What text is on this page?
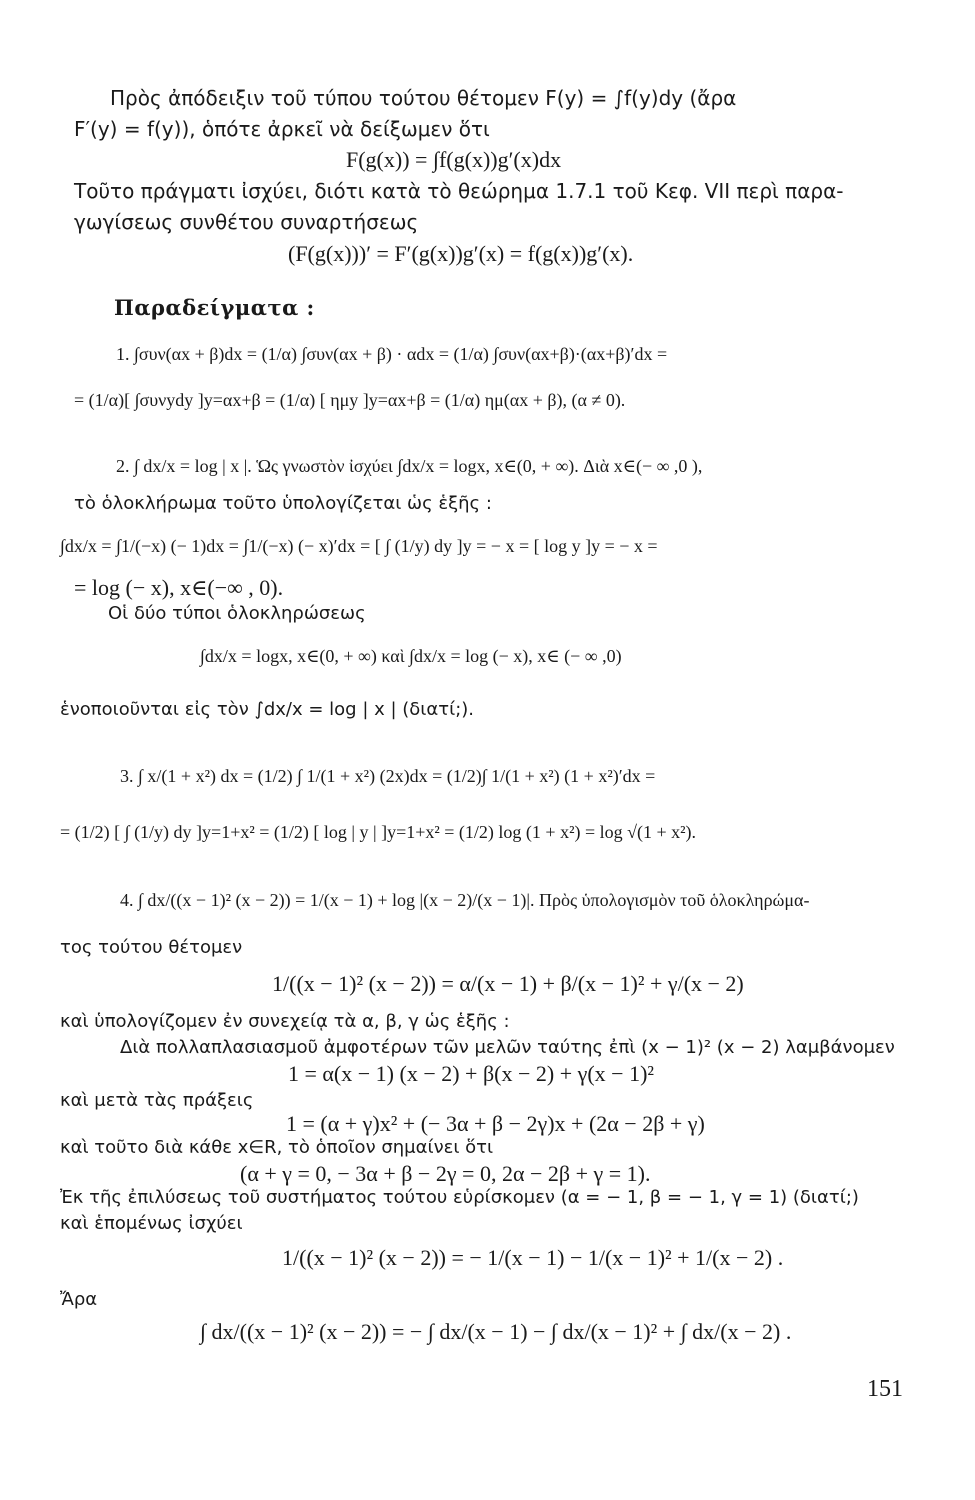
Πρὸς ἀπόδειξιν τοῦ τύπου τούτου θέτομεν F(y) = ∫f(y)dy (ἄρα
F′(y) = f(y)), ὁπότε ἀρκεῖ νὰ δείξωμεν ὅτι
F(g(x)) = ∫f(g(x))g′(x)dx
Τοῦτο πράγματι ἰσχύει, διότι κατὰ τὸ θεώρημα 1.7.1 τοῦ Κεφ. VII περὶ παρα-
γωγίσεως συνθέτου συναρτήσεως
(F(g(x)))′ = F′(g(x))g′(x) = f(g(x))g′(x).
Παραδείγματα :
1. ∫συν(αx + β)dx = (1/α) ∫συν(αx + β) · αdx = (1/α) ∫συν(αx+β)·(αx+β)′dx =
= (1/α)[ ∫συνydy ]y=αx+β = (1/α) [ ημy ]y=αx+β = (1/α) ημ(αx + β), (α ≠ 0).
2. ∫ dx/x = log | x |. Ὡς γνωστὸν ἰσχύει ∫dx/x = logx, x∈(0, + ∞). Διὰ x∈(− ∞ ,0 ),
τὸ ὁλοκλήρωμα τοῦτο ὑπολογίζεται ὡς ἑξῆς :
∫dx/x = ∫1/(−x) (− 1)dx = ∫1/(−x) (− x)′dx = [ ∫ (1/y) dy ]y = − x = [ log y ]y = − x =
= log (− x), x∈(−∞ , 0).
Οἱ δύο τύποι ὁλοκληρώσεως
∫dx/x = logx, x∈(0, + ∞) καὶ ∫dx/x = log (− x), x∈ (− ∞ ,0)
ἑνοποιοῦνται εἰς τὸν ∫dx/x = log | x | (διατί;).
3. ∫ x/(1 + x²) dx = (1/2) ∫ 1/(1 + x²) (2x)dx = (1/2)∫ 1/(1 + x²) (1 + x²)′dx =
= (1/2) [ ∫ (1/y) dy ]y=1+x² = (1/2) [ log | y | ]y=1+x² = (1/2) log (1 + x²) = log √(1 + x²).
4. ∫ dx/((x − 1)² (x − 2)) = 1/(x − 1) + log |(x − 2)/(x − 1)|. Πρὸς ὑπολογισμὸν τοῦ ὁλοκληρώμα-
τος τούτου θέτομεν
1/((x − 1)² (x − 2)) = α/(x − 1) + β/(x − 1)² + γ/(x − 2)
καὶ ὑπολογίζομεν ἐν συνεχείᾳ τὰ α, β, γ ὡς ἑξῆς :
Διὰ πολλαπλασιασμοῦ ἀμφοτέρων τῶν μελῶν ταύτης ἐπὶ (x − 1)² (x − 2) λαμβάνομεν
1 = α(x − 1) (x − 2) + β(x − 2) + γ(x − 1)²
καὶ μετὰ τὰς πράξεις
1 = (α + γ)x² + (− 3α + β − 2γ)x + (2α − 2β + γ)
καὶ τοῦτο διὰ κάθε x∈R, τὸ ὁποῖον σημαίνει ὅτι
(α + γ = 0, − 3α + β − 2γ = 0, 2α − 2β + γ = 1).
Ἐκ τῆς ἐπιλύσεως τοῦ συστήματος τούτου εὑρίσκομεν (α = − 1, β = − 1, γ = 1) (διατί;)
καὶ ἑπομένως ἰσχύει
1/((x − 1)² (x − 2)) = − 1/(x − 1) − 1/(x − 1)² + 1/(x − 2) .
Ἄρα
∫ dx/((x − 1)² (x − 2)) = − ∫ dx/(x − 1) − ∫ dx/(x − 1)² + ∫ dx/(x − 2) .
151
